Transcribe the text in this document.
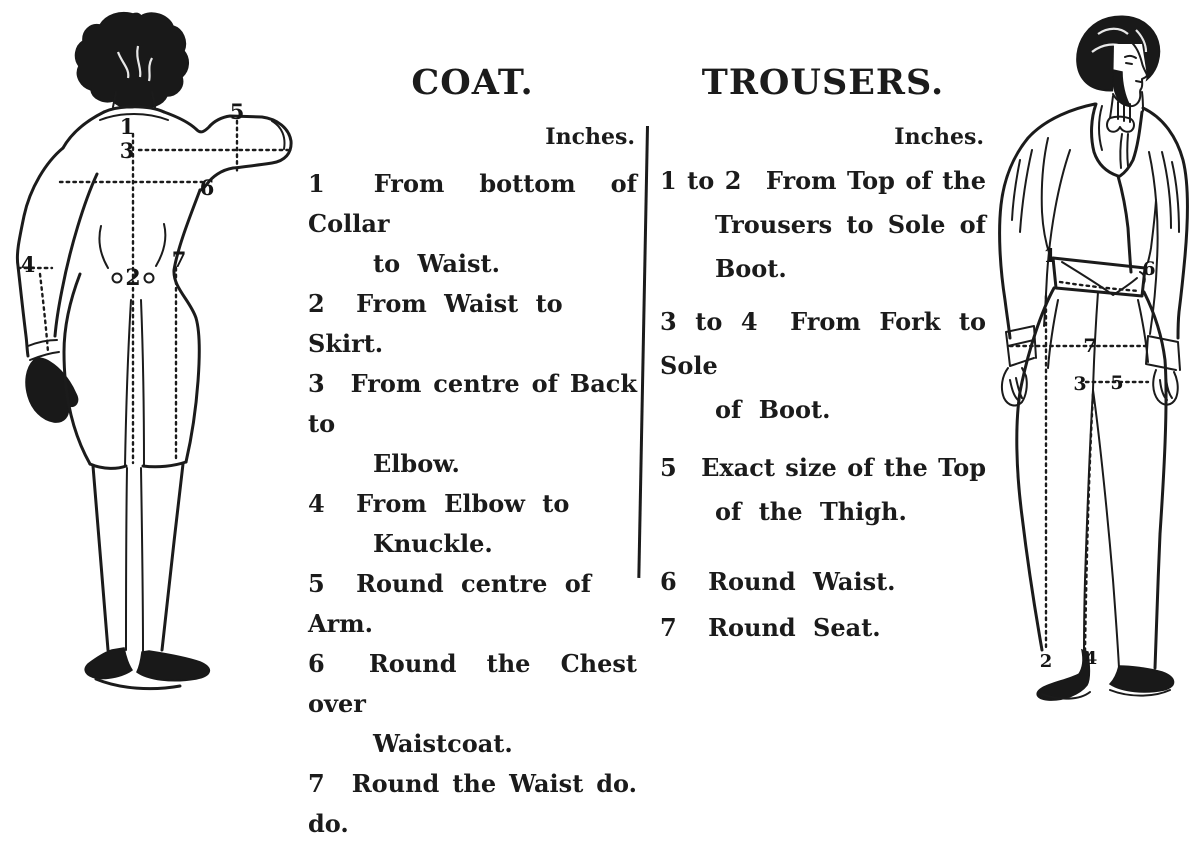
1
3
5
6
4
2
7
COAT.
Inches.
1 From bottom of Collar
to Waist.
2 From Waist to Skirt.
3 From centre of Back to
Elbow.
4 From Elbow to
Knuckle.
5 Round centre of Arm.
6 Round the Chest over
Waistcoat.
7 Round the Waist do. do.
TROUSERS.
Inches.
1 to 2 From Top of the
Trousers to Sole of
Boot.
3 to 4 From Fork to Sole
of Boot.
5 Exact size of the Top
of the Thigh.
6 Round Waist.
7 Round Seat.
1
6
7
3 5
2 4
